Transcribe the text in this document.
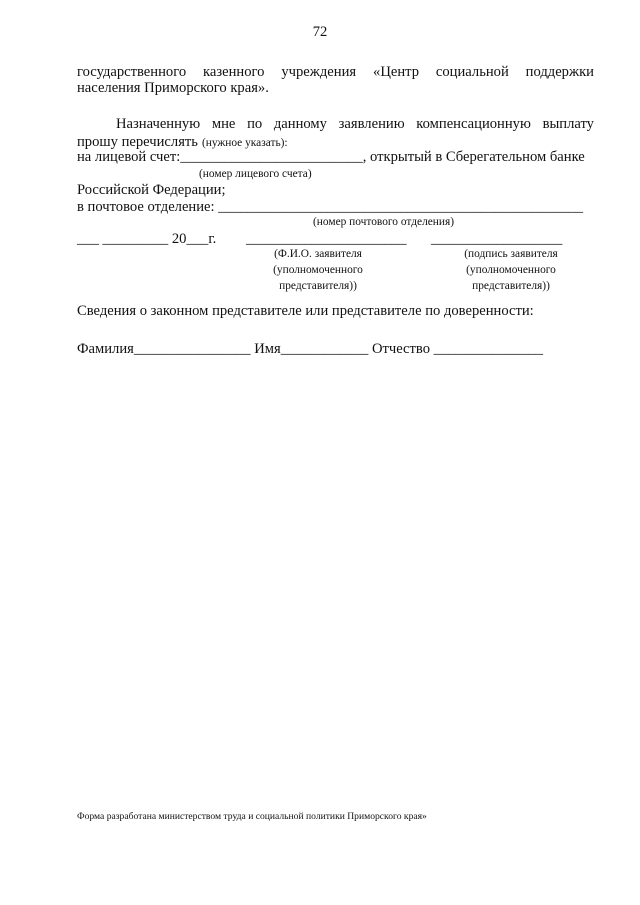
72
государственного казенного учреждения «Центр социальной поддержки
населения Приморского края».
Назначенную мне по данному заявлению компенсационную выплату
прошу перечислять (нужное указать):
на лицевой счет:_________________________, открытый в Сберегательном банке
(номер лицевого счета)
Российской Федерации;
в почтовое отделение: __________________________________________________
(номер почтового отделения)
___ _________ 20___г. ______________________ __________________
(Ф.И.О. заявителя
(уполномоченного
представителя))
(подпись заявителя
(уполномоченного
представителя))
Сведения о законном представителе или представителе по доверенности:
Фамилия________________ Имя____________ Отчество _______________
Форма разработана министерством труда и социальной политики Приморского края»
